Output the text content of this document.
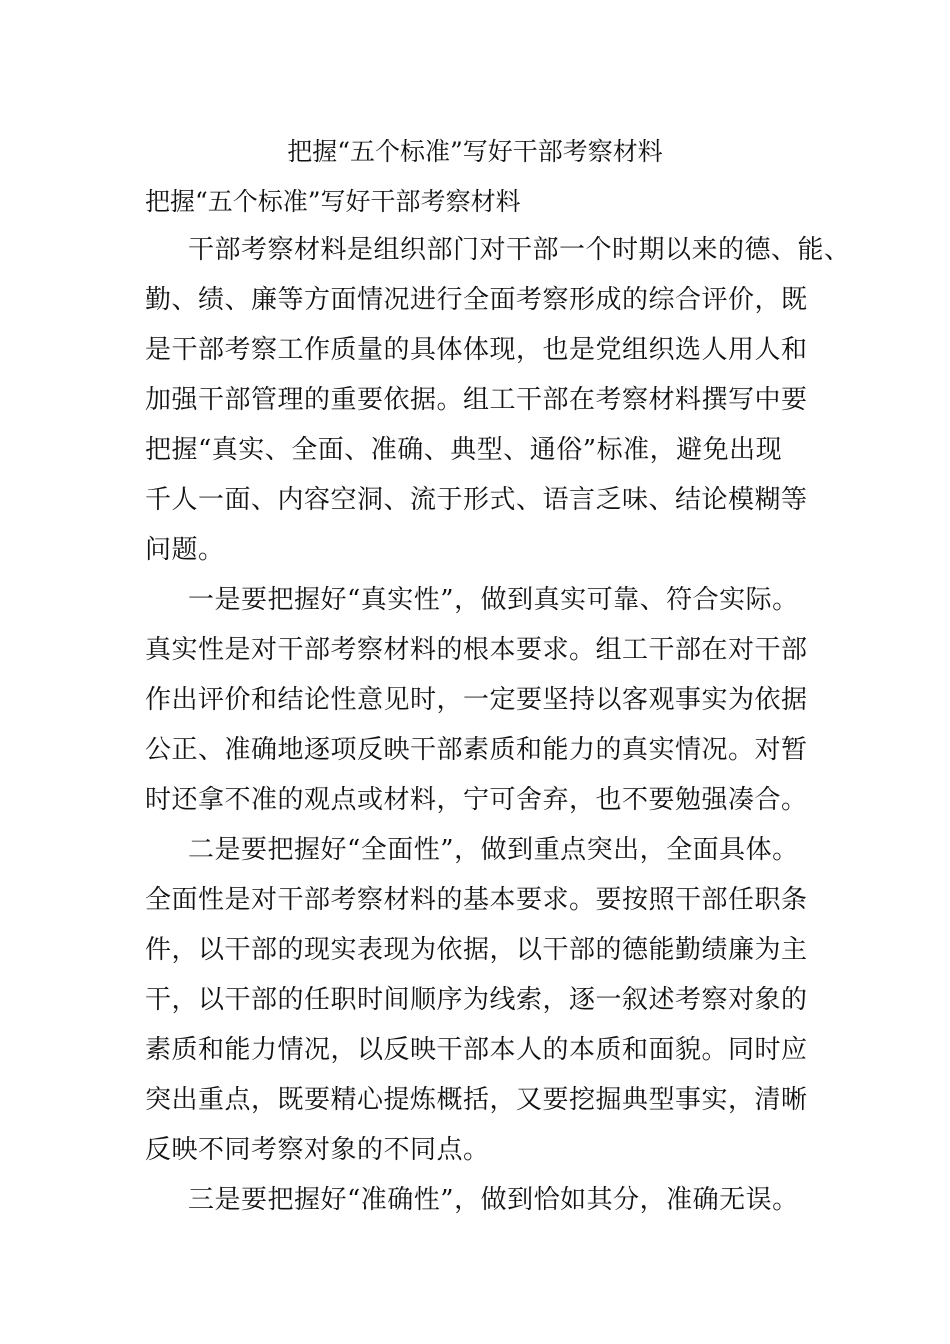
把握“五个标准”写好干部考察材料

把握“五个标准”写好干部考察材料

干部考察材料是组织部门对干部一个时期以来的德、能、

勤、绩、廉等方面情况进行全面考察形成的综合评价，既

是干部考察工作质量的具体体现，也是党组织选人用人和

加强干部管理的重要依据。组工干部在考察材料撰写中要

把握“真实、全面、准确、典型、通俗”标准，避免出现

千人一面、内容空洞、流于形式、语言乏味、结论模糊等

问题。

一是要把握好“真实性”，做到真实可靠、符合实际。

真实性是对干部考察材料的根本要求。组工干部在对干部

作出评价和结论性意见时，一定要坚持以客观事实为依据

公正、准确地逐项反映干部素质和能力的真实情况。对暂

时还拿不准的观点或材料，宁可舍弃，也不要勉强凑合。

二是要把握好“全面性”，做到重点突出，全面具体。

全面性是对干部考察材料的基本要求。要按照干部任职条

件，以干部的现实表现为依据，以干部的德能勤绩廉为主

干，以干部的任职时间顺序为线索，逐一叙述考察对象的

素质和能力情况，以反映干部本人的本质和面貌。同时应

突出重点，既要精心提炼概括，又要挖掘典型事实，清晰

反映不同考察对象的不同点。

三是要把握好“准确性”，做到恰如其分，准确无误。
